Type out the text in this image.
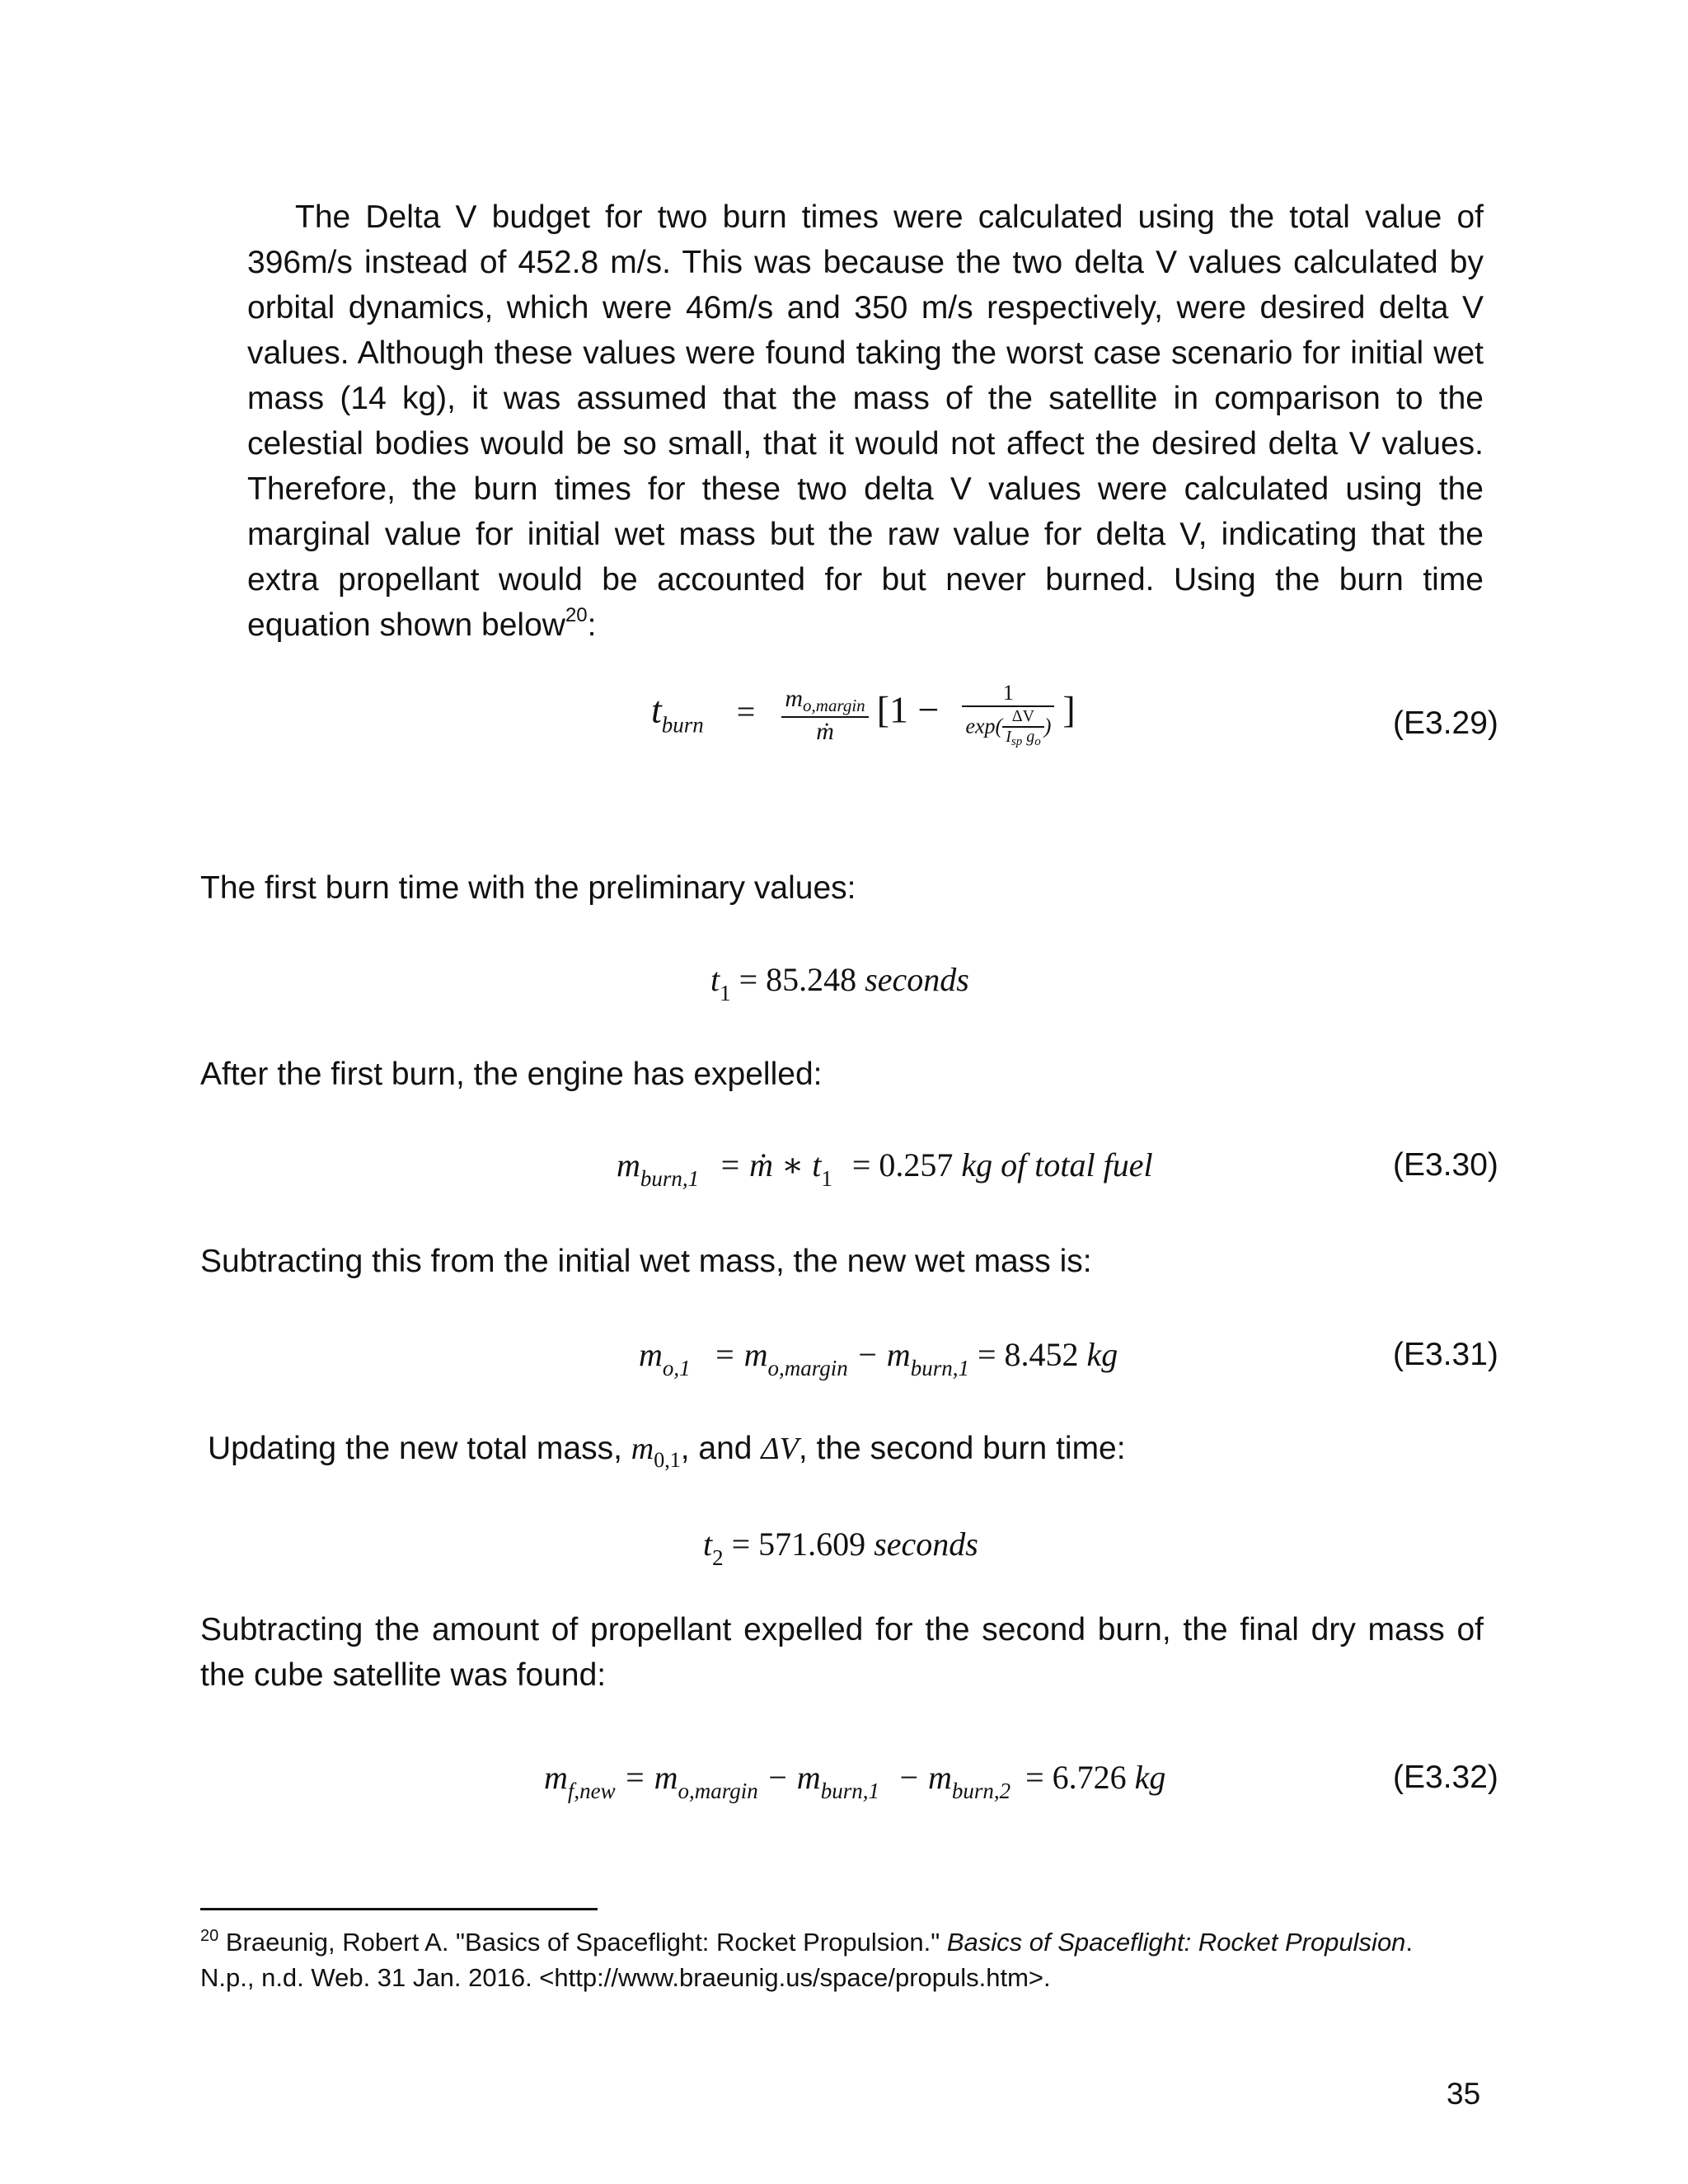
The Delta V budget for two burn times were calculated using the total value of 396m/s instead of 452.8 m/s. This was because the two delta V values calculated by orbital dynamics, which were 46m/s and 350 m/s respectively, were desired delta V values. Although these values were found taking the worst case scenario for initial wet mass (14 kg), it was assumed that the mass of the satellite in comparison to the celestial bodies would be so small, that it would not affect the desired delta V values. Therefore, the burn times for these two delta V values were calculated using the marginal value for initial wet mass but the raw value for delta V, indicating that the extra propellant would be accounted for but never burned. Using the burn time equation shown below$^{20}$:

$t_{burn} = \frac{m_{o,margin}}{\text{ṁ}} [1 - \frac{1}{\exp( \frac{\Delta V}{I_{sp} g_o} )}$ ]	(E3.29)
The first burn time with the preliminary values:
$t_1 = 85.248$ seconds
After the first burn, the engine has expelled:
$m_{burn,1}$ = ṁ ∗ $t_1 = 0.257$ kg of total fuel	(E3.30)
Subtracting this from the initial wet mass, the new wet mass is:
$m_{o,1} = m_{o,margin} - m_{burn,1} = 8.452$ kg	(E3.31)
Updating the new total mass, $m_{0,1}$, and ΔV, the second burn time:
$t_2 = 571.609$ seconds

Subtracting the amount of propellant expelled for the second burn, the final dry mass of the cube satellite was found:

$m_{f,new} = m_{o,margin} - m_{burn,1} - m_{burn,2} = 6.726$ kg	(E3.32)

$^{20}$ Braeunig, Robert A. "Basics of Spaceflight: Rocket Propulsion." Basics of Spaceflight: Rocket Propulsion. N.p., n.d. Web. 31 Jan. 2016. <http://www.braeunig.us/space/propuls.htm>.

35
